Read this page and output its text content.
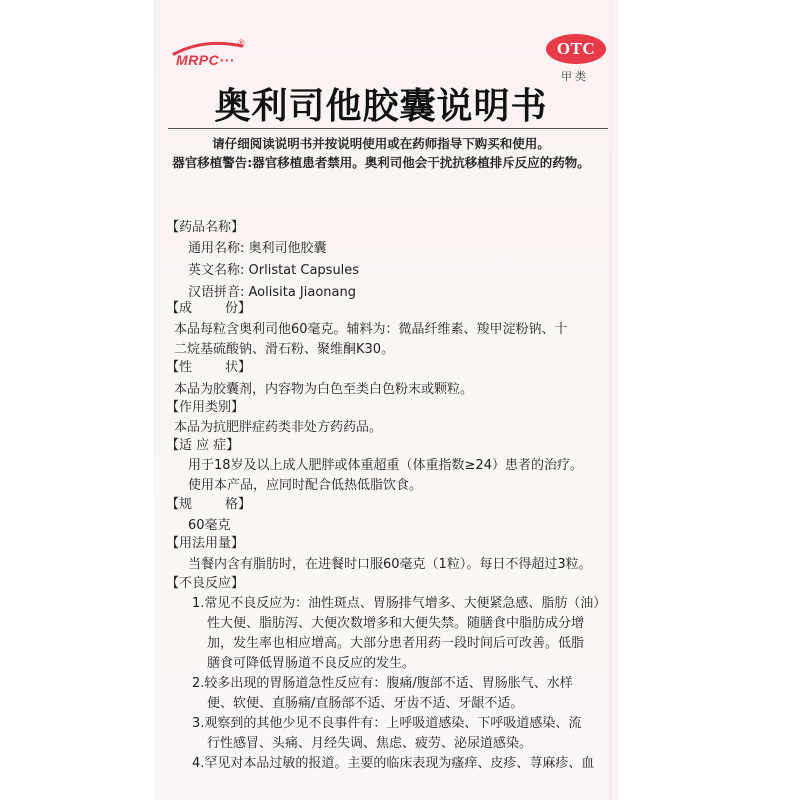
MRPC···
®	OTC
甲类
奥利司他胶囊说明书
请仔细阅读说明书并按说明使用或在药师指导下购买和使用。
器官移植警告:器官移植患者禁用。奥利司他会干扰抗移植排斥反应的药物。
【药品名称】
通用名称: 奥利司他胶囊
英文名称: Orlistat Capsules
汉语拼音: Aolisita Jiaonang
【成        份】
本品每粒含奥利司他60毫克。辅料为：微晶纤维素、羧甲淀粉钠、十
二烷基硫酸钠、滑石粉、聚维酮K30。
【性        状】
本品为胶囊剂，内容物为白色至类白色粉末或颗粒。
【作用类别】
本品为抗肥胖症药类非处方药药品。
【适 应 症】
用于18岁及以上成人肥胖或体重超重（体重指数≥24）患者的治疗。
使用本产品，应同时配合低热低脂饮食。
【规        格】
60毫克
【用法用量】
当餐内含有脂肪时，在进餐时口服60毫克（1粒）。每日不得超过3粒。
【不良反应】
1.常见不良反应为：油性斑点、胃肠排气增多、大便紧急感、脂肪（油）
性大便、脂肪泻、大便次数增多和大便失禁。随膳食中脂肪成分增
加，发生率也相应增高。大部分患者用药一段时间后可改善。低脂
膳食可降低胃肠道不良反应的发生。
2.较多出现的胃肠道急性反应有：腹痛/腹部不适、胃肠胀气、水样
便、软便、直肠痛/直肠部不适、牙齿不适、牙龈不适。
3.观察到的其他少见不良事件有：上呼吸道感染、下呼吸道感染、流
行性感冒、头痛、月经失调、焦虑、疲劳、泌尿道感染。
4.罕见对本品过敏的报道。主要的临床表现为瘙痒、皮疹、荨麻疹、血
